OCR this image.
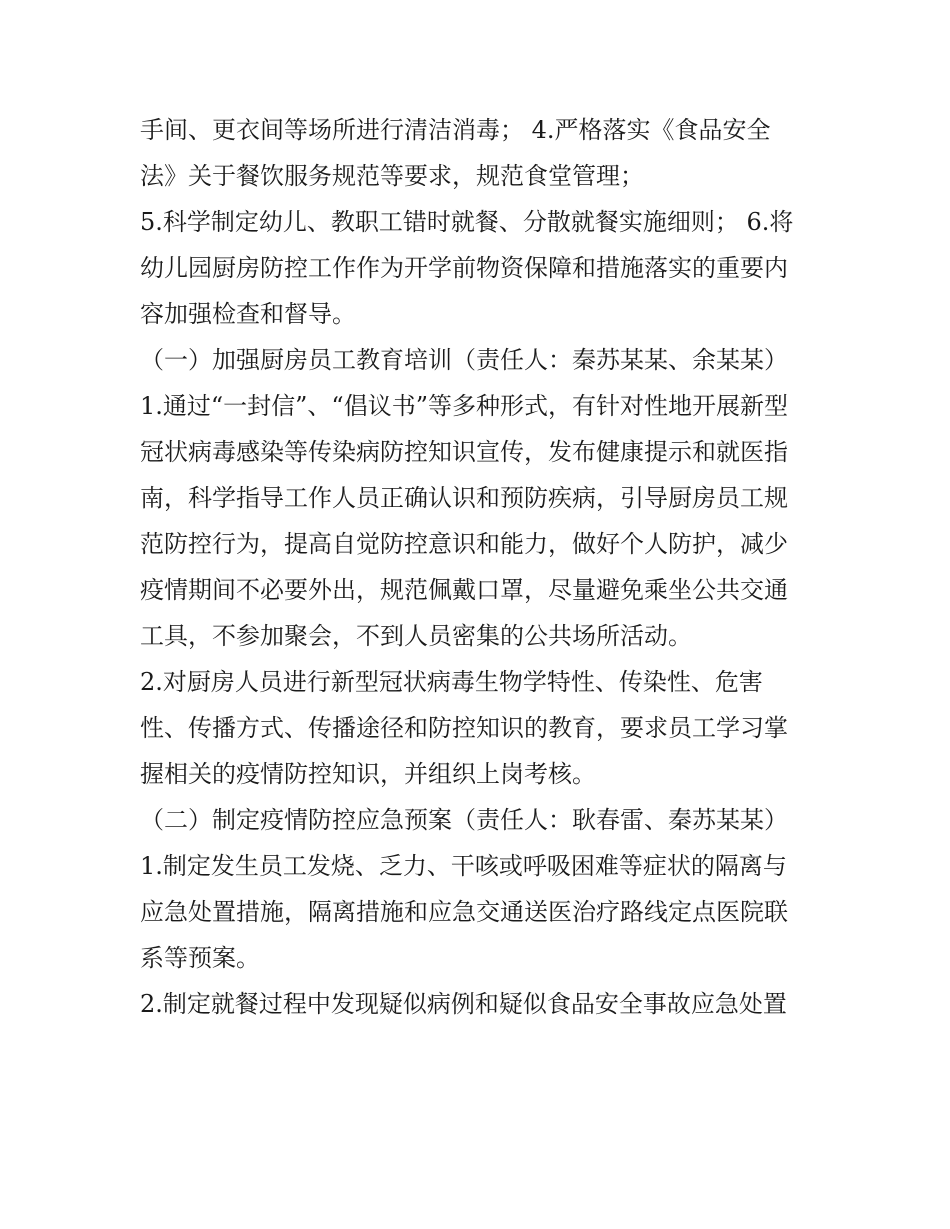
手间、更衣间等场所进行清洁消毒； 4.严格落实《食品安全
法》关于餐饮服务规范等要求，规范食堂管理；
5.科学制定幼儿、教职工错时就餐、分散就餐实施细则； 6.将
幼儿园厨房防控工作作为开学前物资保障和措施落实的重要内
容加强检查和督导。
（一）加强厨房员工教育培训（责任人：秦苏某某、余某某）
1.通过“一封信”、“倡议书”等多种形式，有针对性地开展新型
冠状病毒感染等传染病防控知识宣传，发布健康提示和就医指
南，科学指导工作人员正确认识和预防疾病，引导厨房员工规
范防控行为，提高自觉防控意识和能力，做好个人防护，减少
疫情期间不必要外出，规范佩戴口罩，尽量避免乘坐公共交通
工具，不参加聚会，不到人员密集的公共场所活动。
2.对厨房人员进行新型冠状病毒生物学特性、传染性、危害
性、传播方式、传播途径和防控知识的教育，要求员工学习掌
握相关的疫情防控知识，并组织上岗考核。
（二）制定疫情防控应急预案（责任人：耿春雷、秦苏某某）
1.制定发生员工发烧、乏力、干咳或呼吸困难等症状的隔离与
应急处置措施，隔离措施和应急交通送医治疗路线定点医院联
系等预案。
2.制定就餐过程中发现疑似病例和疑似食品安全事故应急处置
